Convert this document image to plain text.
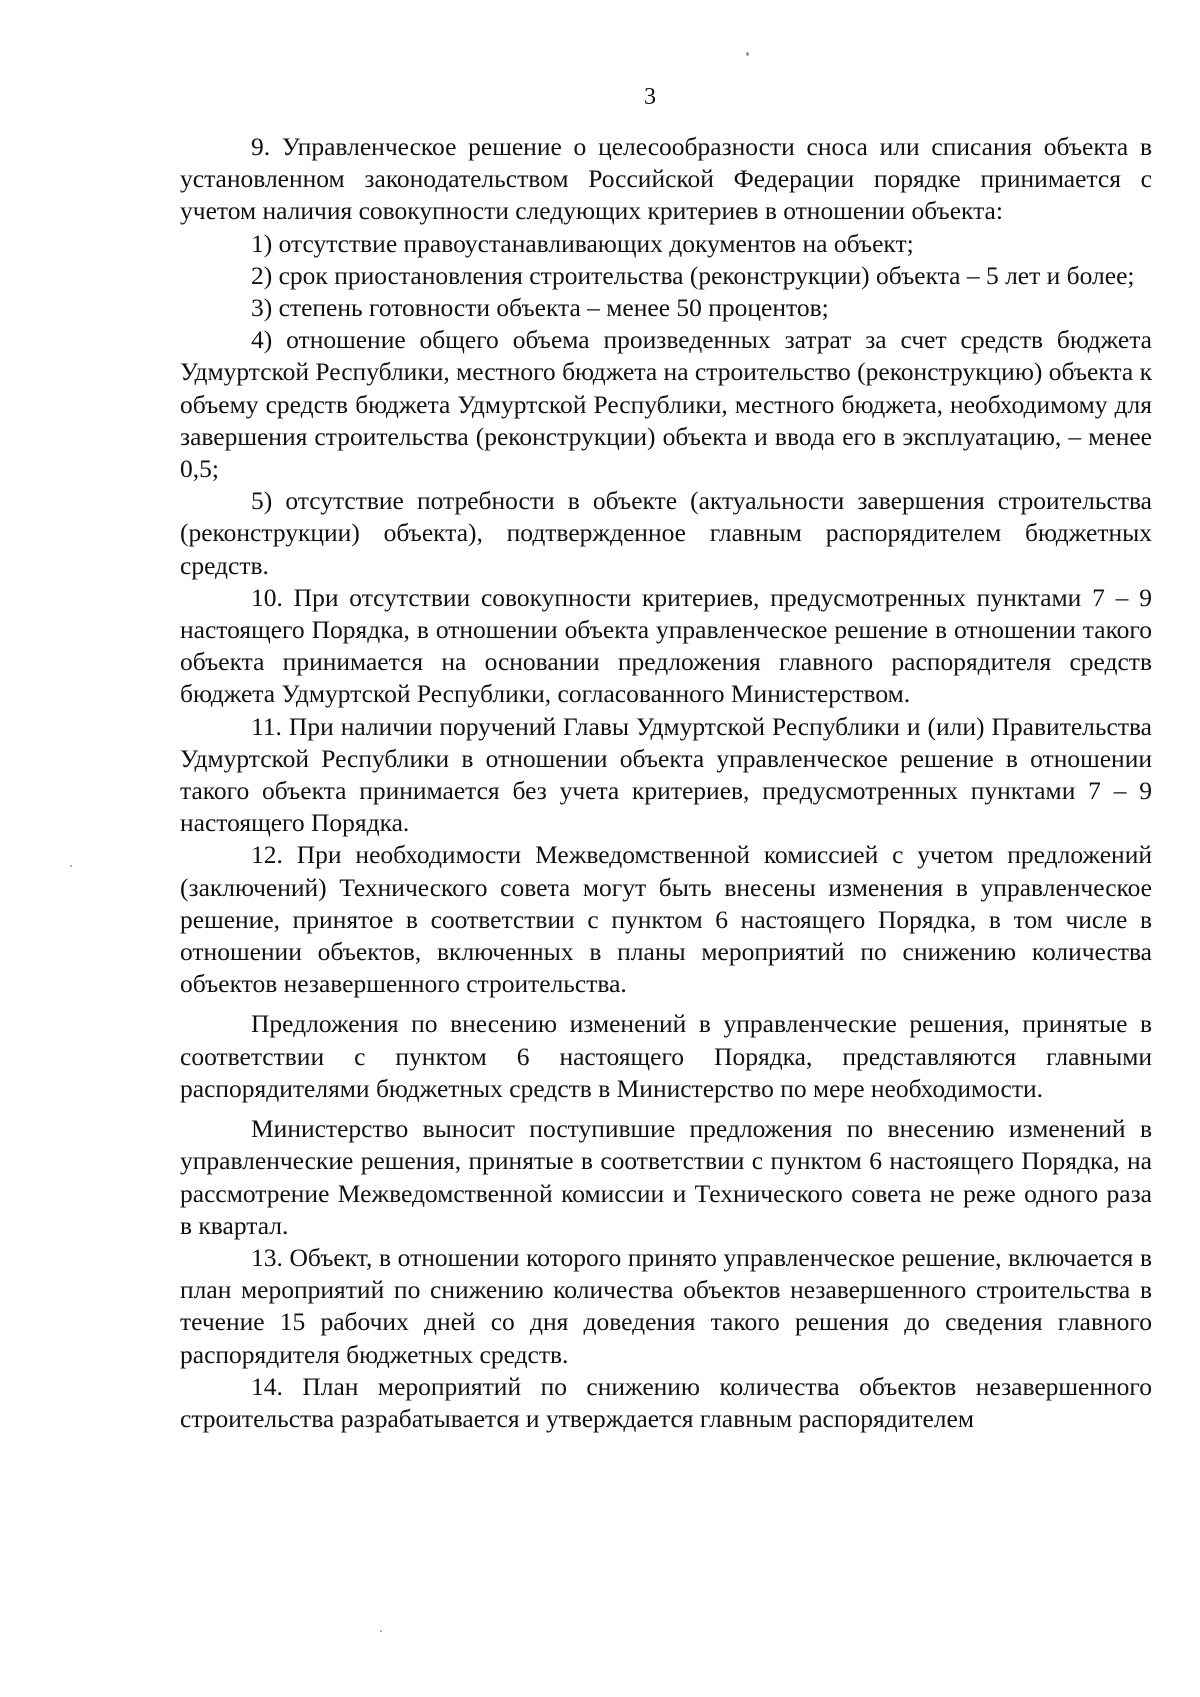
3

9. Управленческое решение о целесообразности сноса или списания объекта в установленном законодательством Российской Федерации порядке принимается с учетом наличия совокупности следующих критериев в отношении объекта:

1) отсутствие правоустанавливающих документов на объект;

2) срок приостановления строительства (реконструкции) объекта – 5 лет и более;

3) степень готовности объекта – менее 50 процентов;

4) отношение общего объема произведенных затрат за счет средств бюджета Удмуртской Республики, местного бюджета на строительство (реконструкцию) объекта к объему средств бюджета Удмуртской Республики, местного бюджета, необходимому для завершения строительства (реконструкции) объекта и ввода его в эксплуатацию, – менее 0,5;

5) отсутствие потребности в объекте (актуальности завершения строительства (реконструкции) объекта), подтвержденное главным распорядителем бюджетных средств.

10. При отсутствии совокупности критериев, предусмотренных пунктами 7 – 9 настоящего Порядка, в отношении объекта управленческое решение в отношении такого объекта принимается на основании предложения главного распорядителя средств бюджета Удмуртской Республики, согласованного Министерством.

11. При наличии поручений Главы Удмуртской Республики и (или) Правительства Удмуртской Республики в отношении объекта управленческое решение в отношении такого объекта принимается без учета критериев, предусмотренных пунктами 7 – 9 настоящего Порядка.

12. При необходимости Межведомственной комиссией с учетом предложений (заключений) Технического совета могут быть внесены изменения в управленческое решение, принятое в соответствии с пунктом 6 настоящего Порядка, в том числе в отношении объектов, включенных в планы мероприятий по снижению количества объектов незавершенного строительства.

Предложения по внесению изменений в управленческие решения, принятые в соответствии с пунктом 6 настоящего Порядка, представляются главными распорядителями бюджетных средств в Министерство по мере необходимости.

Министерство выносит поступившие предложения по внесению изменений в управленческие решения, принятые в соответствии с пунктом 6 настоящего Порядка, на рассмотрение Межведомственной комиссии и Технического совета не реже одного раза в квартал.

13. Объект, в отношении которого принято управленческое решение, включается в план мероприятий по снижению количества объектов незавершенного строительства в течение 15 рабочих дней со дня доведения такого решения до сведения главного распорядителя бюджетных средств.

14. План мероприятий по снижению количества объектов незавершенного строительства разрабатывается и утверждается главным распорядителем
